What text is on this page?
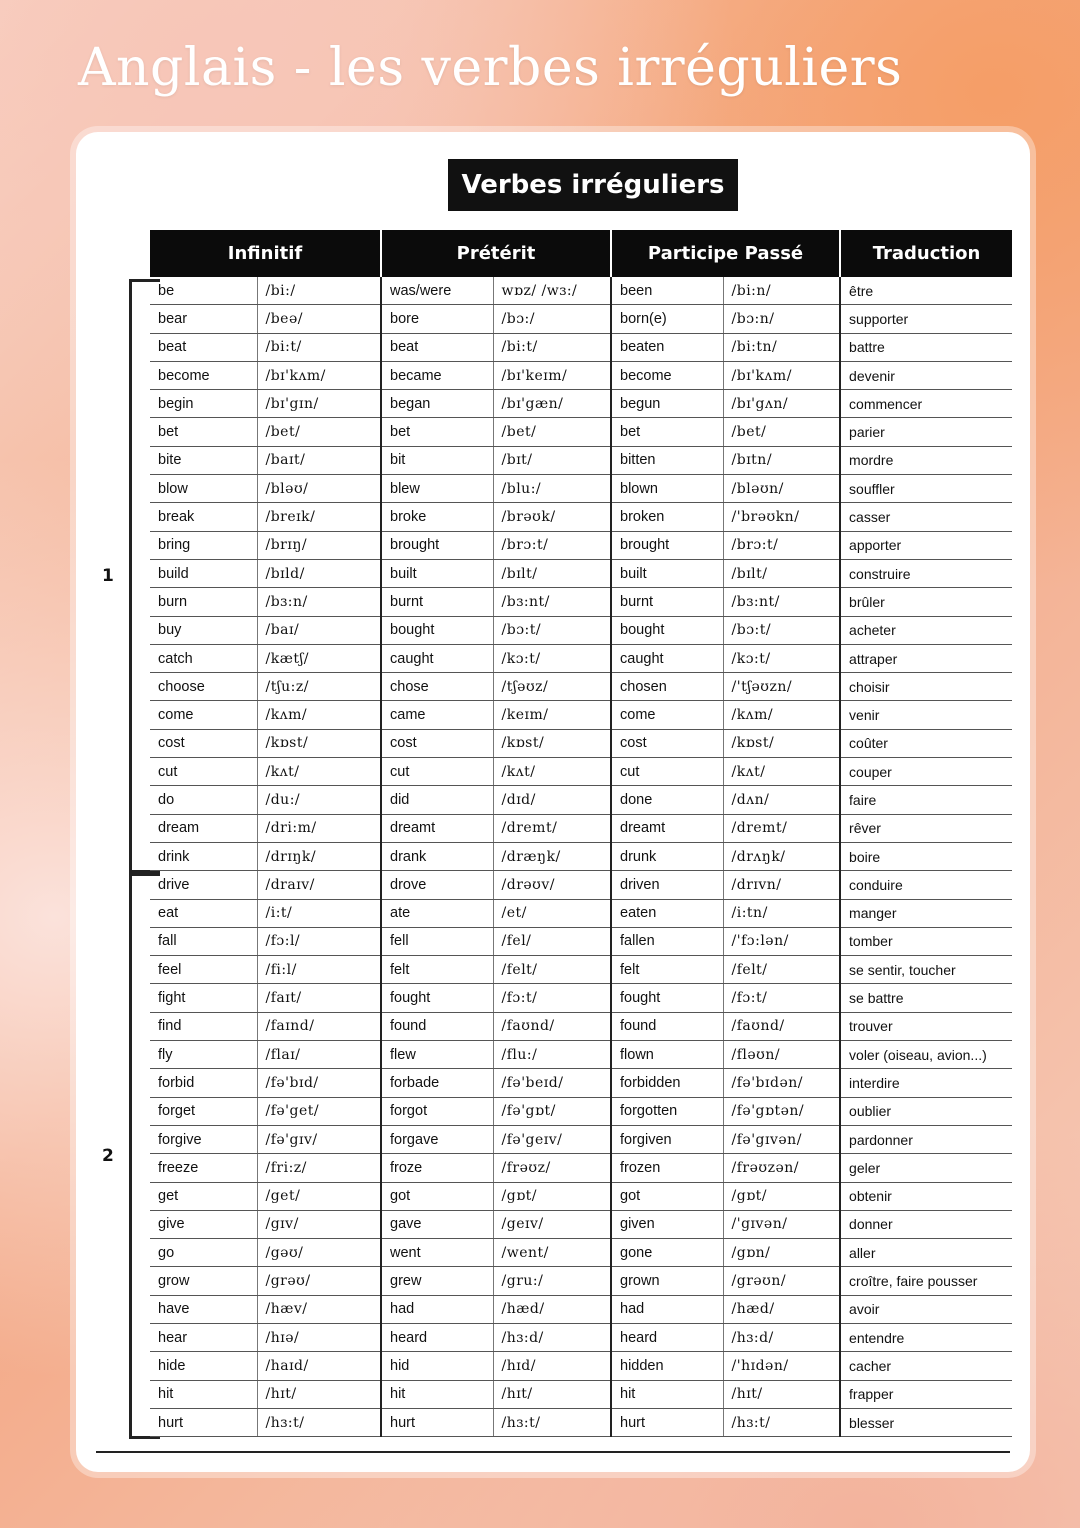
Anglais - les verbes irréguliers
Verbes irréguliers
1
2
Infinitif		Prétérit		Participe Passé		Traduction
be	/bi:/	was/were	wɒz/ /wɜ:/	been	/bi:n/	être
bear	/beə/	bore	/bɔ:/	born(e)	/bɔ:n/	supporter
beat	/bi:t/	beat	/bi:t/	beaten	/bi:tn/	battre
become	/bɪ'kʌm/	became	/bɪ'keɪm/	become	/bɪ'kʌm/	devenir
begin	/bɪ'gɪn/	began	/bɪ'gæn/	begun	/bɪ'gʌn/	commencer
bet	/bet/	bet	/bet/	bet	/bet/	parier
bite	/baɪt/	bit	/bɪt/	bitten	/bɪtn/	mordre
blow	/bləʊ/	blew	/blu:/	blown	/bləʊn/	souffler
break	/breɪk/	broke	/brəʊk/	broken	/'brəʊkn/	casser
bring	/brɪŋ/	brought	/brɔ:t/	brought	/brɔ:t/	apporter
build	/bɪld/	built	/bɪlt/	built	/bɪlt/	construire
burn	/bɜ:n/	burnt	/bɜ:nt/	burnt	/bɜ:nt/	brûler
buy	/baɪ/	bought	/bɔ:t/	bought	/bɔ:t/	acheter
catch	/kætʃ/	caught	/kɔ:t/	caught	/kɔ:t/	attraper
choose	/tʃu:z/	chose	/tʃəʊz/	chosen	/'tʃəʊzn/	choisir
come	/kʌm/	came	/keɪm/	come	/kʌm/	venir
cost	/kɒst/	cost	/kɒst/	cost	/kɒst/	coûter
cut	/kʌt/	cut	/kʌt/	cut	/kʌt/	couper
do	/du:/	did	/dɪd/	done	/dʌn/	faire
dream	/dri:m/	dreamt	/dremt/	dreamt	/dremt/	rêver
drink	/drɪŋk/	drank	/dræŋk/	drunk	/drʌŋk/	boire
drive	/draɪv/	drove	/drəʊv/	driven	/drɪvn/	conduire
eat	/i:t/	ate	/et/	eaten	/i:tn/	manger
fall	/fɔ:l/	fell	/fel/	fallen	/'fɔ:lən/	tomber
feel	/fi:l/	felt	/felt/	felt	/felt/	se sentir, toucher
fight	/faɪt/	fought	/fɔ:t/	fought	/fɔ:t/	se battre
find	/faɪnd/	found	/faʊnd/	found	/faʊnd/	trouver
fly	/flaɪ/	flew	/flu:/	flown	/fləʊn/	voler (oiseau, avion...)
forbid	/fə'bɪd/	forbade	/fə'beɪd/	forbidden	/fə'bɪdən/	interdire
forget	/fə'get/	forgot	/fə'gɒt/	forgotten	/fə'gɒtən/	oublier
forgive	/fə'gɪv/	forgave	/fə'geɪv/	forgiven	/fə'gɪvən/	pardonner
freeze	/fri:z/	froze	/frəʊz/	frozen	/frəʊzən/	geler
get	/get/	got	/gɒt/	got	/gɒt/	obtenir
give	/gɪv/	gave	/geɪv/	given	/'gɪvən/	donner
go	/gəʊ/	went	/went/	gone	/gɒn/	aller
grow	/grəʊ/	grew	/gru:/	grown	/grəʊn/	croître, faire pousser
have	/hæv/	had	/hæd/	had	/hæd/	avoir
hear	/hɪə/	heard	/hɜ:d/	heard	/hɜ:d/	entendre
hide	/haɪd/	hid	/hɪd/	hidden	/'hɪdən/	cacher
hit	/hɪt/	hit	/hɪt/	hit	/hɪt/	frapper
hurt	/hɜ:t/	hurt	/hɜ:t/	hurt	/hɜ:t/	blesser
